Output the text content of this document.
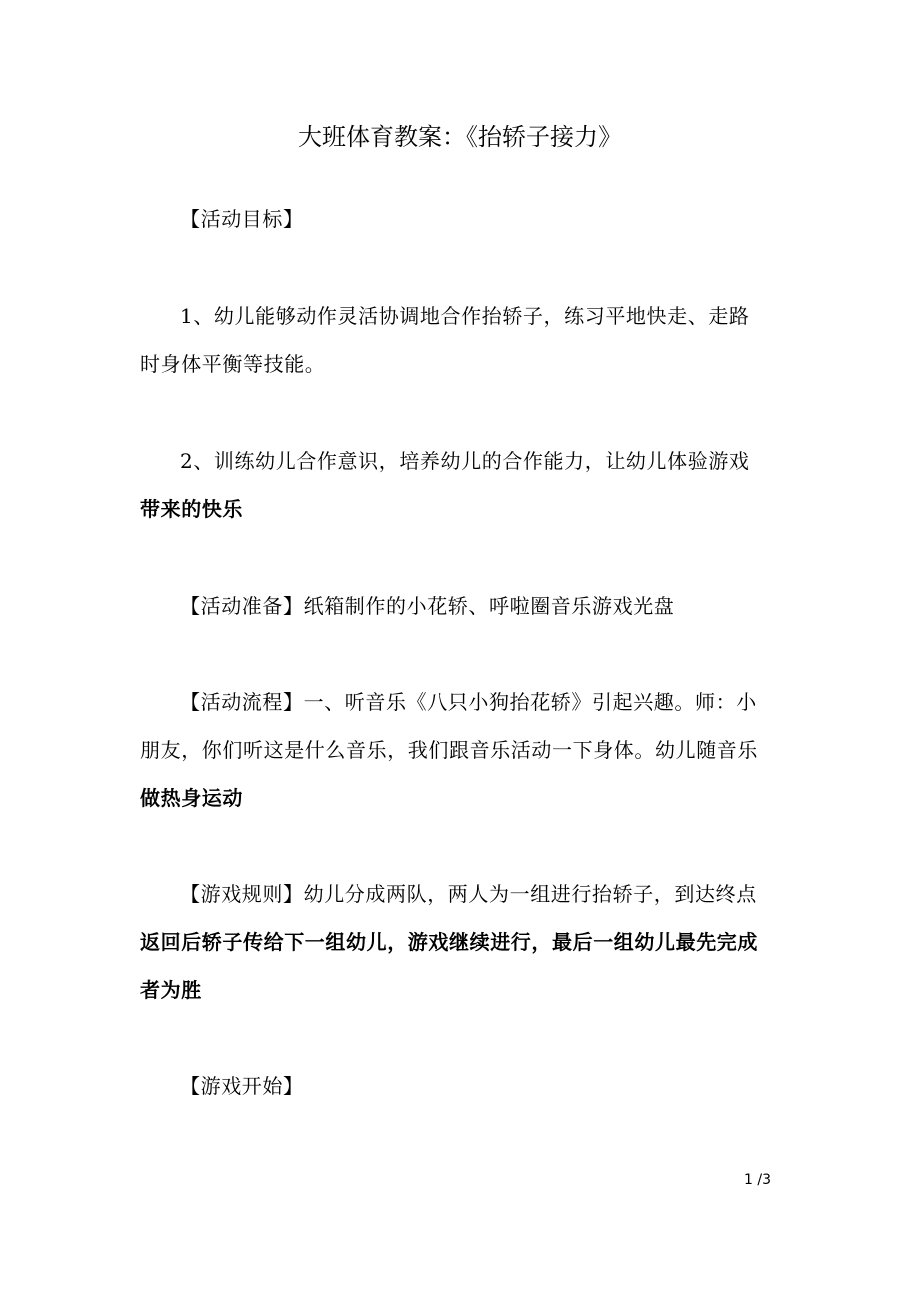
大班体育教案：《抬轿子接力》
【活动目标】
1、幼儿能够动作灵活协调地合作抬轿子，练习平地快走、走路
时身体平衡等技能。
2、训练幼儿合作意识，培养幼儿的合作能力，让幼儿体验游戏
带来的快乐
【活动准备】纸箱制作的小花轿、呼啦圈音乐游戏光盘
【活动流程】一、听音乐《八只小狗抬花轿》引起兴趣。师：小
朋友，你们听这是什么音乐，我们跟音乐活动一下身体。幼儿随音乐
做热身运动
【游戏规则】幼儿分成两队，两人为一组进行抬轿子，到达终点
返回后轿子传给下一组幼儿，游戏继续进行，最后一组幼儿最先完成
者为胜
【游戏开始】
1 /3
